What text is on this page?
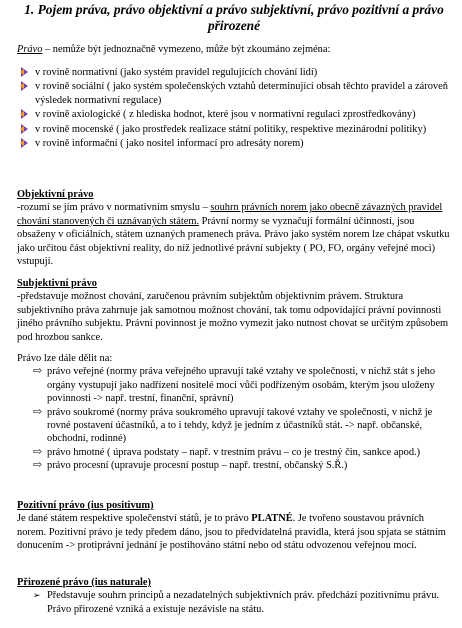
1. Pojem práva, právo objektivní a právo subjektivní, právo pozitivní a právo
přirozené

Právo – nemůže být jednoznačně vymezeno, může být zkoumáno zejména:

v rovině normativní (jako systém pravidel regulujících chování lidí)
v rovině sociální ( jako systém společenských vztahů determinující obsah těchto pravidel a zároveň výsledek normativní regulace)
v rovině axiologické ( z hlediska hodnot, které jsou v normativní regulaci zprostředkovány)
v rovině mocenské ( jako prostředek realizace státní politiky, respektive mezinárodní politiky)
v rovině informační ( jako nositel informací pro adresáty norem)
Objektivní právo

-rozumí se jím právo v normativním smyslu – souhrn právních norem jako obecně závazných pravidel chování stanovených či uznávaných státem. Právní normy se vyznačují formální účinností, jsou obsaženy v oficiálních, státem uznaných pramenech práva. Právo jako systém norem lze chápat vskutku jako určitou část objektivní reality, do níž jednotlivé právní subjekty ( PO, FO, orgány veřejné moci) vstupují.

Subjektivní právo

-představuje možnost chování, zaručenou právním subjektům objektivním právem. Struktura subjektivního práva zahrnuje jak samotnou možnost chování, tak tomu odpovídající právní povinnosti jiného právního subjektu. Právní povinnost je možno vymezit jako nutnost chovat se určitým způsobem pod hrozbou sankce.

Právo lze dále dělit na:

⇨ právo veřejné (normy práva veřejného upravují také vztahy ve společnosti, v nichž stát s jeho orgány vystupují jako nadřízení nositelé moci vůči podřízeným osobám, kterým jsou uloženy povinnosti -> např. trestní, finanční, správní)
⇨ právo soukromé (normy práva soukromého upravují takové vztahy ve společnosti, v nichž je rovné postavení účastníků, a to i tehdy, když je jedním z účastníků stát. -> např. občanské, obchodní, rodinné)
⇨ právo hmotné ( úprava podstaty – např. v trestním právu – co je trestný čin, sankce apod.)
⇨ právo procesní (upravuje procesní postup – např. trestní, občanský S.Ř.)
Pozitivní právo (ius positivum)

Je dané státem respektive společenství států, je to právo PLATNÉ. Je tvořeno soustavou právních norem. Pozitivní právo je tedy předem dáno, jsou to předvídatelná pravidla, která jsou spjata se státním donucením -> protiprávní jednání je postihováno státní nebo od státu odvozenou veřejnou mocí.

Přirozené právo (ius naturale)
➢ Představuje souhrn principů a nezadatelných subjektivních práv. předchází pozitivnímu právu. Právo přirozené vzniká a existuje nezávisle na státu.
